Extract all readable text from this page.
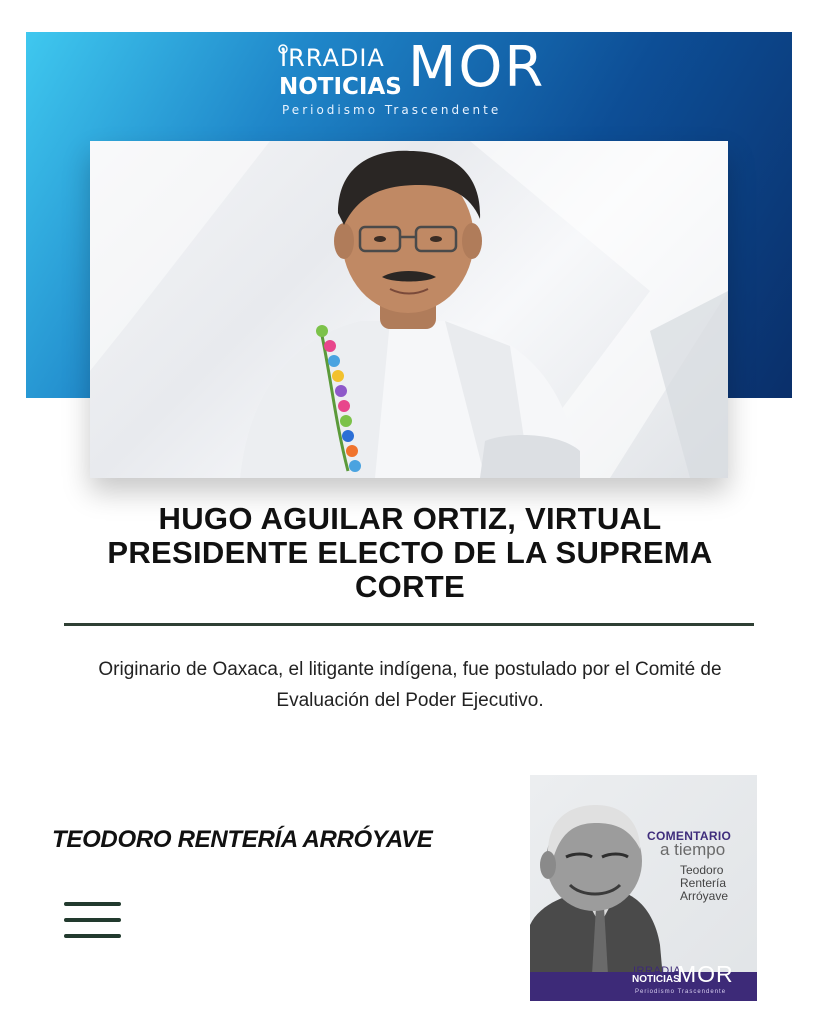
IRRADIA
NOTICIAS MOR
Periodismo Trascendente
HUGO AGUILAR ORTIZ, VIRTUAL PRESIDENTE ELECTO DE LA SUPREMA CORTE

Originario de Oaxaca, el litigante indígena, fue postulado por el Comité de Evaluación del Poder Ejecutivo.

TEODORO RENTERÍA ARRÓYAVE	COMENTARIO
a tiempo
Teodoro
Rentería
Arróyave
IRRADIA
NOTICIAS
MOR
Periodismo Trascendente
